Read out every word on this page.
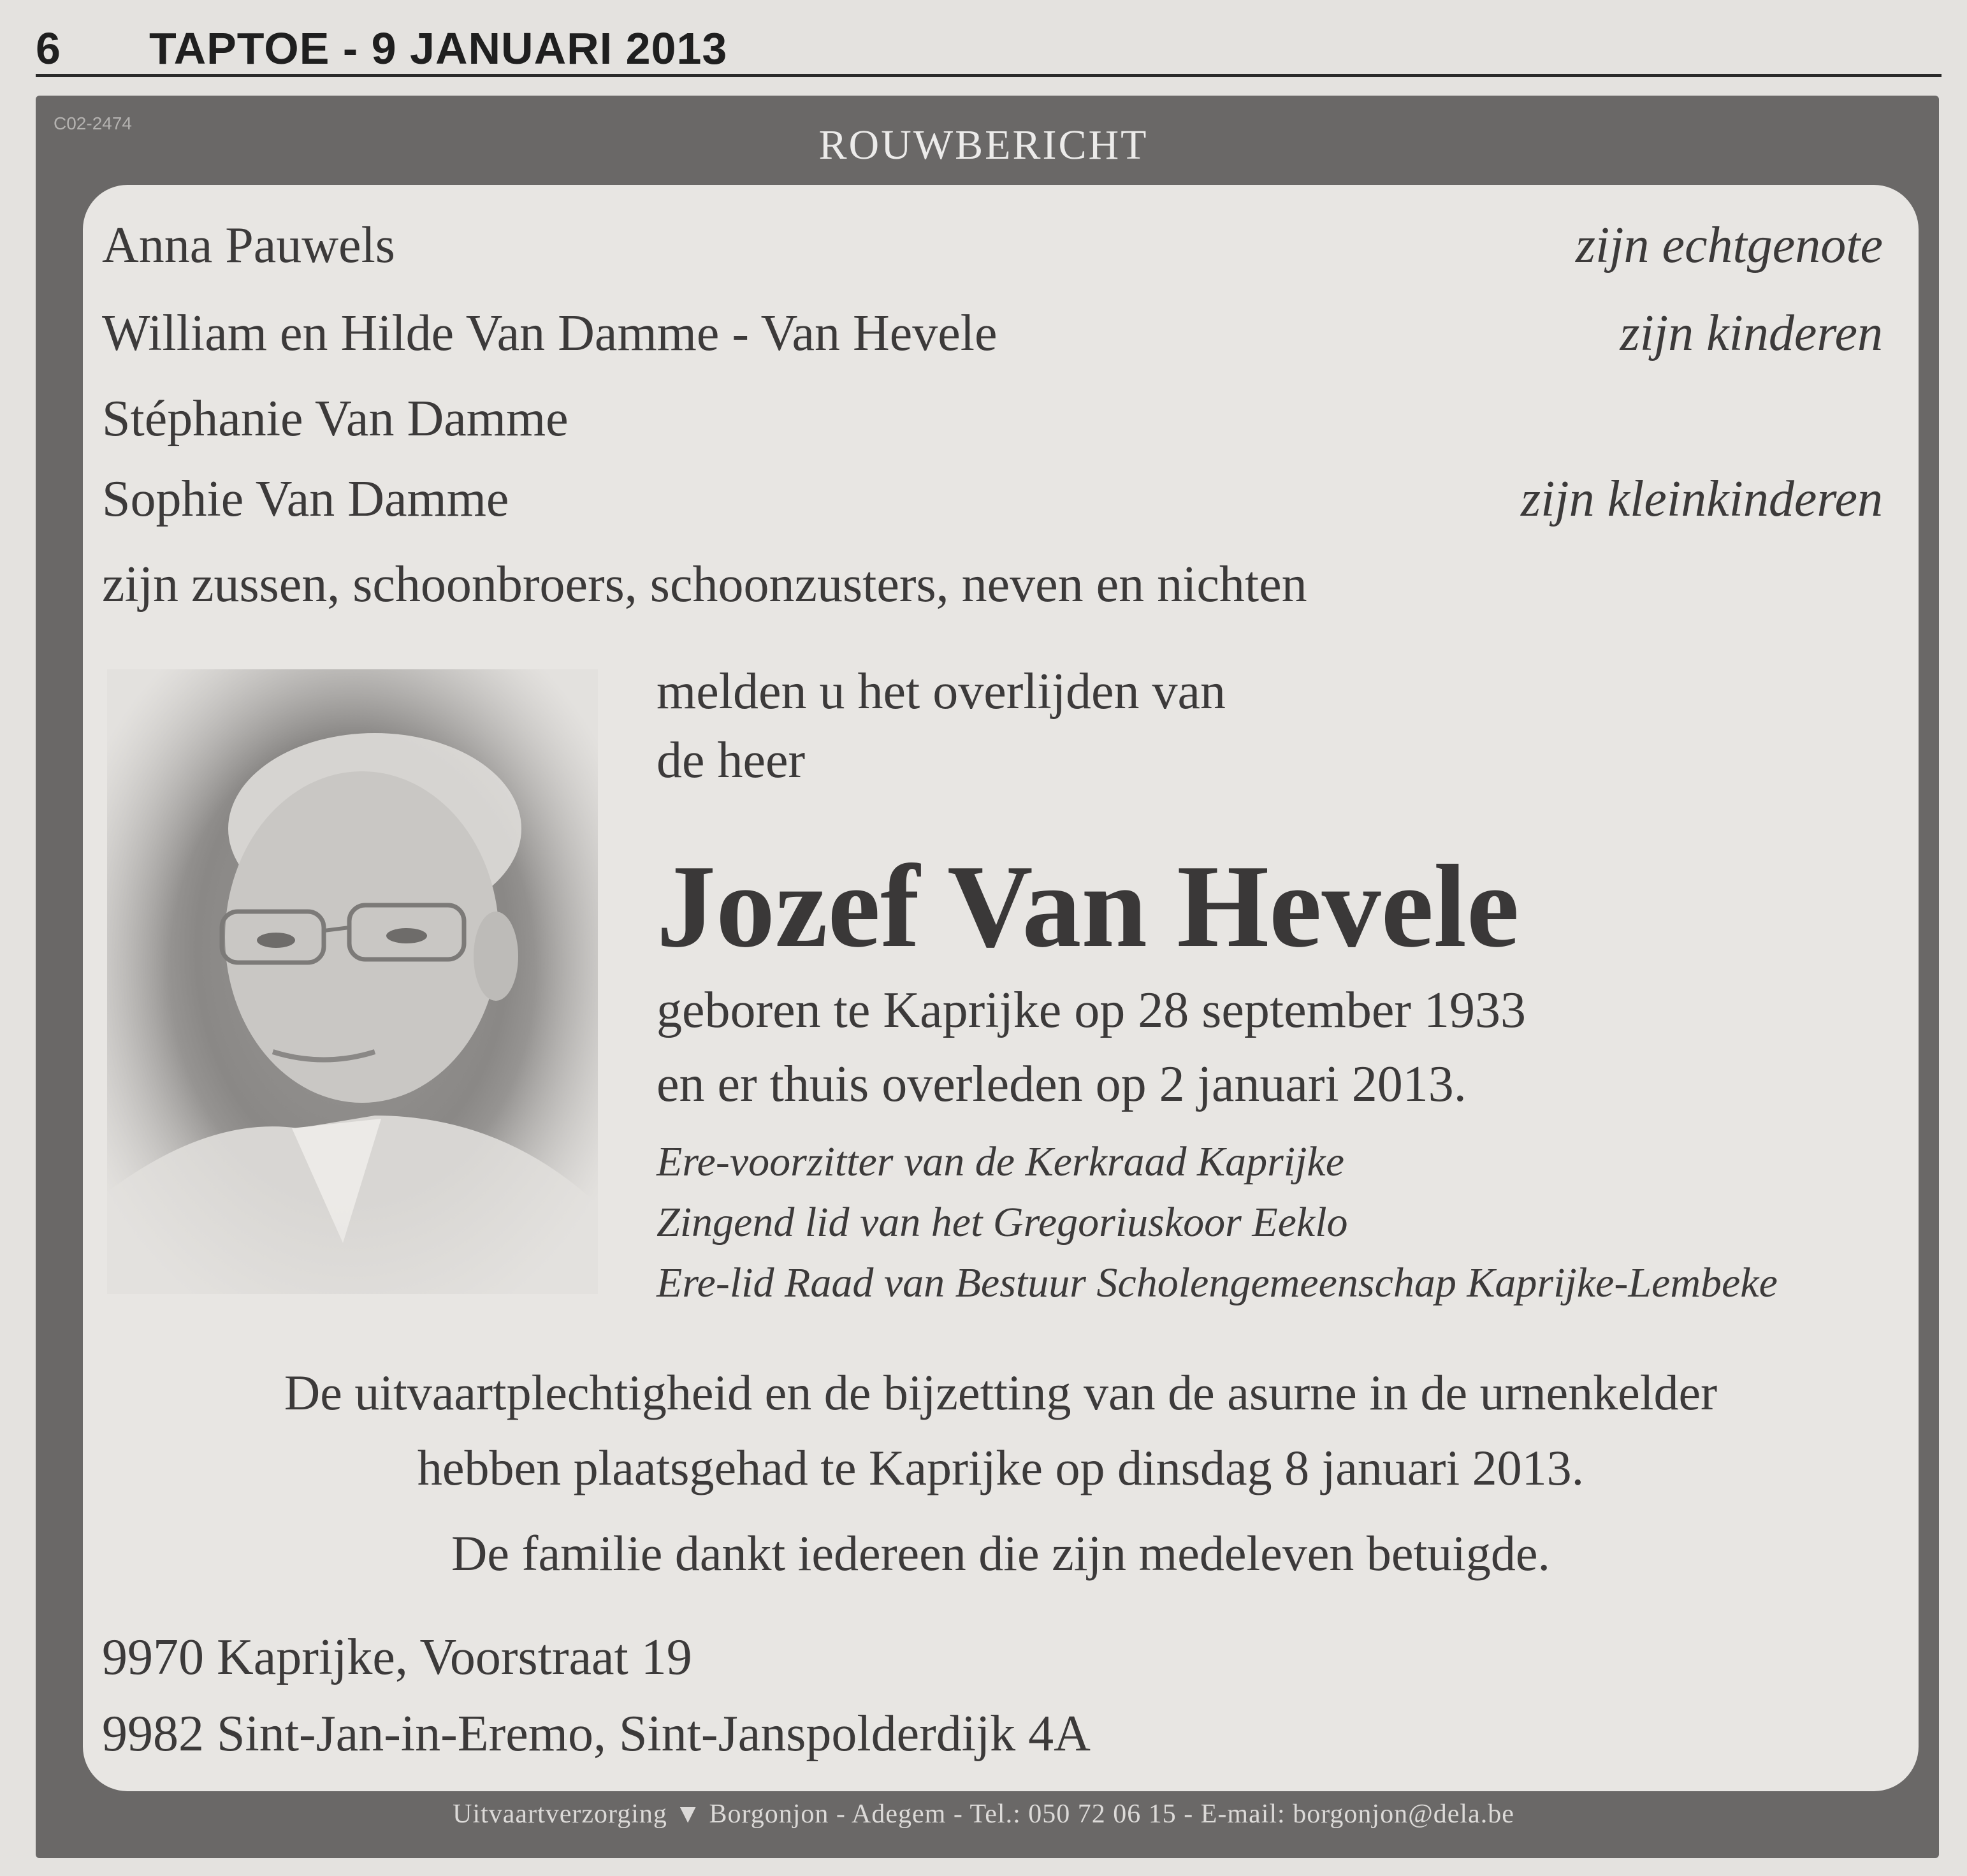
6 TAPTOE - 9 JANUARI 2013
C02-2474	ROUWBERICHT
Anna Pauwels	zijn echtgenote
William en Hilde Van Damme - Van Hevele	zijn kinderen
Stéphanie Van Damme
Sophie Van Damme	zijn kleinkinderen
zijn zussen, schoonbroers, schoonzusters, neven en nichten
melden u het overlijden van
de heer
Jozef Van Hevele
geboren te Kaprijke op 28 september 1933
en er thuis overleden op 2 januari 2013.
Ere-voorzitter van de Kerkraad Kaprijke
Zingend lid van het Gregoriuskoor Eeklo
Ere-lid Raad van Bestuur Scholengemeenschap Kaprijke-Lembeke
De uitvaartplechtigheid en de bijzetting van de asurne in de urnenkelder
hebben plaatsgehad te Kaprijke op dinsdag 8 januari 2013.
De familie dankt iedereen die zijn medeleven betuigde.
9970 Kaprijke, Voorstraat 19
9982 Sint-Jan-in-Eremo, Sint-Janspolderdijk 4A
Uitvaartverzorging ▼ Borgonjon - Adegem - Tel.: 050 72 06 15 - E-mail: borgonjon@dela.be
